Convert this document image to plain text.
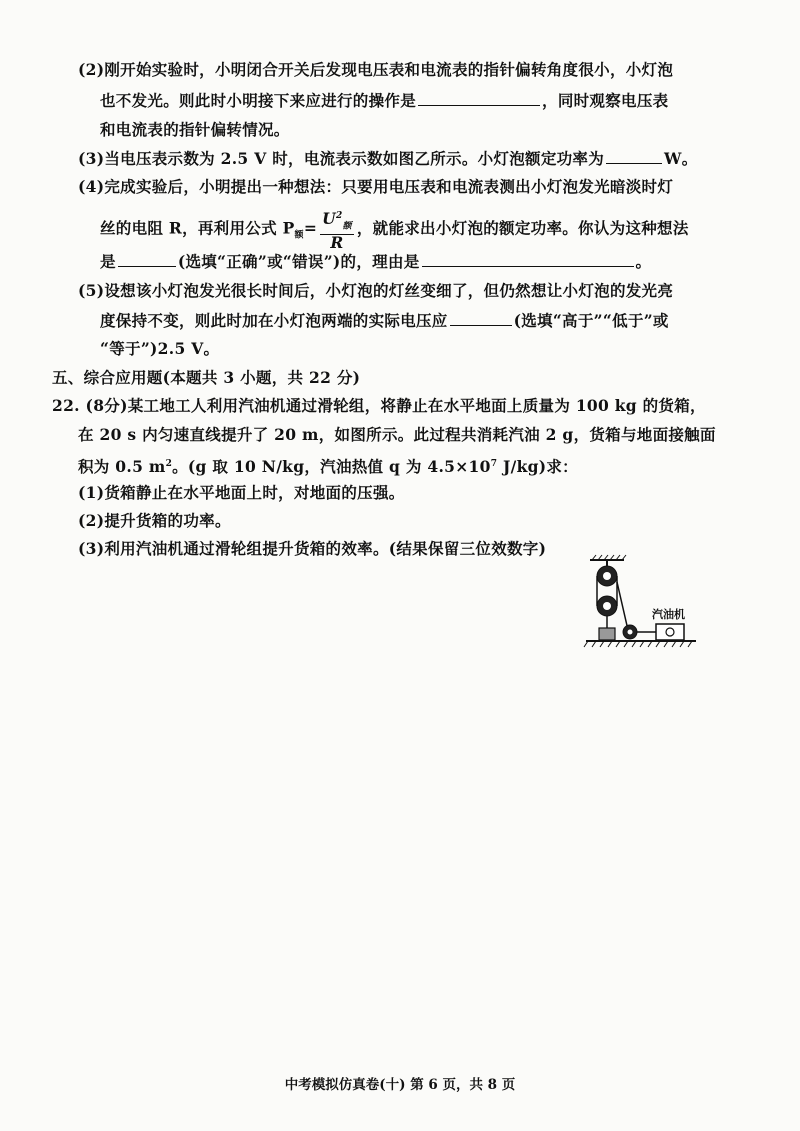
(2)刚开始实验时，小明闭合开关后发现电压表和电流表的指针偏转角度很小，小灯泡
也不发光。则此时小明接下来应进行的操作是	，同时观察电压表
和电流表的指针偏转情况。
(3)当电压表示数为 2.5 V 时，电流表示数如图乙所示。小灯泡额定功率为	W。
(4)完成实验后，小明提出一种想法：只要用电压表和电流表测出小灯泡发光暗淡时灯
丝的电阻 R，再利用公式 $P_额= \frac{U^2_额}{R}$ ，就能求出小灯泡的额定功率。你认为这种想法
是	(选填“正确”或“错误”)的，理由是	。
(5)设想该小灯泡发光很长时间后，小灯泡的灯丝变细了，但仍然想让小灯泡的发光亮
度保持不变，则此时加在小灯泡两端的实际电压应	(选填“高于”“低于”或
“等于”)2.5 V。
五、综合应用题(本题共 3 小题，共 22 分)
22. (8分)某工地工人利用汽油机通过滑轮组，将静止在水平地面上质量为 100 kg 的货箱，
在 20 s 内匀速直线提升了 20 m，如图所示。此过程共消耗汽油 2 g，货箱与地面接触面
积为 0.5 $m^2$。(g 取 10 N/kg，汽油热值 q 为 $4.5\times 10^7$ J/kg)求：
(1)货箱静止在水平地面上时，对地面的压强。
(2)提升货箱的功率。
(3)利用汽油机通过滑轮组提升货箱的效率。(结果保留三位效数字)
汽油机
中考模拟仿真卷(十) 第 6 页，共 8 页
